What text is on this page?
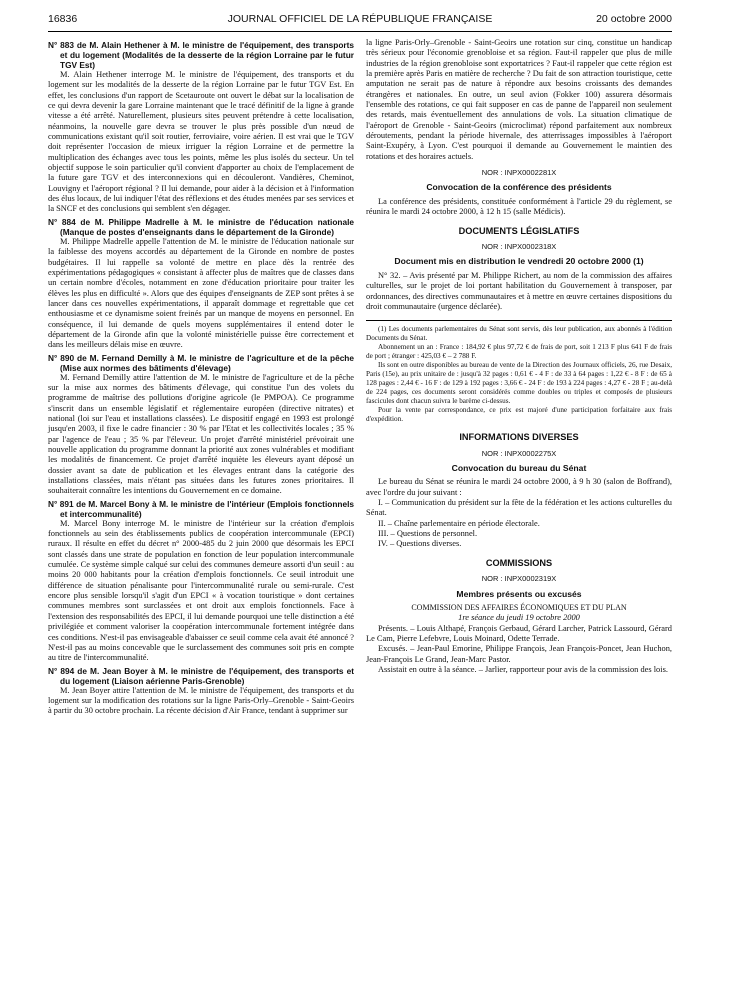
16836	JOURNAL OFFICIEL DE LA RÉPUBLIQUE FRANÇAISE	20 octobre 2000
N° 883 de M. Alain Hethener à M. le ministre de l'équipement, des transports et du logement (Modalités de la desserte de la région Lorraine par le futur TGV Est)

M. Alain Hethener interroge M. le ministre de l'équipement, des transports et du logement sur les modalités de la desserte de la région Lorraine par le futur TGV Est. En effet, les conclusions d'un rapport de Scetauroute ont ouvert le débat sur la localisation de ce qui devra devenir la gare Lorraine maintenant que le tracé définitif de la ligne à grande vitesse a été arrêté. Naturellement, plusieurs sites peuvent prétendre à cette localisation, néanmoins, la nouvelle gare devra se trouver le plus près possible d'un nœud de communications existant qu'il soit routier, ferroviaire, voire aérien. Il est vrai que le TGV doit représenter l'occasion de mieux irriguer la région Lorraine et de permettre la multiplication des échanges avec tous les points, même les plus isolés du secteur. Un tel objectif suppose le soin particulier qu'il convient d'apporter au choix de l'emplacement de la future gare TGV et des interconnexions qui en découleront. Vandières, Cheminot, Louvigny et l'aéroport régional ? Il lui demande, pour aider à la décision et à l'information des élus locaux, de lui indiquer l'état des réflexions et des études menées par ses services et la SNCF et des conclusions qui semblent s'en dégager.

N° 884 de M. Philippe Madrelle à M. le ministre de l'éducation nationale (Manque de postes d'enseignants dans le département de la Gironde)

M. Philippe Madrelle appelle l'attention de M. le ministre de l'éducation nationale sur la faiblesse des moyens accordés au département de la Gironde en nombre de postes budgétaires. Il lui rappelle sa volonté de mettre en place dès la rentrée des expérimentations pédagogiques « consistant à affecter plus de maîtres que de classes dans un certain nombre d'écoles, notamment en zone d'éducation prioritaire pour traiter les élèves les plus en difficulté ». Alors que des équipes d'enseignants de ZEP sont prêtes à se lancer dans ces nouvelles expérimentations, il apparaît dommage et regrettable que cet enthousiasme et ce dynamisme soient freinés par un manque de moyens en personnel. En conséquence, il lui demande de quels moyens supplémentaires il entend doter le département de la Gironde afin que la volonté ministérielle puisse être correctement et dans les meilleurs délais mise en œuvre.

N° 890 de M. Fernand Demilly à M. le ministre de l'agriculture et de la pêche (Mise aux normes des bâtiments d'élevage)

M. Fernand Demilly attire l'attention de M. le ministre de l'agriculture et de la pêche sur la mise aux normes des bâtiments d'élevage, qui constitue l'un des volets du programme de maîtrise des pollutions d'origine agricole (le PMPOA). Ce programme s'inscrit dans un ensemble législatif et réglementaire européen (directive nitrates) et national (loi sur l'eau et installations classées). Le dispositif engagé en 1993 est prolongé jusqu'en 2003, il fixe le cadre financier : 30 % par l'Etat et les collectivités locales ; 35 % par l'agence de l'eau ; 35 % par l'éleveur. Un projet d'arrêté ministériel prévoirait une nouvelle application du programme donnant la priorité aux zones vulnérables et modifiant les modalités de financement. Ce projet d'arrêté inquiète les éleveurs ayant déposé un dossier avant sa date de publication et les élevages entrant dans la catégorie des installations classées, mais n'étant pas situées dans les futures zones prioritaires. Il souhaiterait connaître les intentions du Gouvernement en ce domaine.

N° 891 de M. Marcel Bony à M. le ministre de l'intérieur (Emplois fonctionnels et intercommunalité)

M. Marcel Bony interroge M. le ministre de l'intérieur sur la création d'emplois fonctionnels au sein des établissements publics de coopération intercommunale (EPCI) ruraux. Il résulte en effet du décret n° 2000-485 du 2 juin 2000 que désormais les EPCI sont classés dans une strate de population en fonction de leur population intercommunale cumulée. Ce système simple calqué sur celui des communes demeure assorti d'un seuil : au moins 20 000 habitants pour la création d'emplois fonctionnels. Ce seuil introduit une différence de situation pénalisante pour l'intercommunalité rurale ou semi-rurale. C'est encore plus sensible lorsqu'il s'agit d'un EPCI « à vocation touristique » dont certaines communes membres sont surclassées et ont droit aux emplois fonctionnels. Face à l'extension des responsabilités des EPCI, il lui demande pourquoi une telle distinction a été privilégiée et comment valoriser la coopération intercommunale fortement intégrée dans ces conditions. N'est-il pas envisageable d'abaisser ce seuil comme cela avait été annoncé ? N'est-il pas au moins concevable que le surclassement des communes soit pris en compte au titre de l'intercommunalité.

N° 894 de M. Jean Boyer à M. le ministre de l'équipement, des transports et du logement (Liaison aérienne Paris-Grenoble)

M. Jean Boyer attire l'attention de M. le ministre de l'équipement, des transports et du logement sur la modification des rotations sur la ligne Paris-Orly–Grenoble - Saint-Geoirs à partir du 30 octobre prochain. La récente décision d'Air France, tendant à supprimer sur

la ligne Paris-Orly–Grenoble - Saint-Geoirs une rotation sur cinq, constitue un handicap très sérieux pour l'économie grenobloise et sa région. Faut-il rappeler que plus de mille industries de la région grenobloise sont exportatrices ? Faut-il rappeler que cette région est la première après Paris en matière de recherche ? Du fait de son attraction touristique, cette amputation ne serait pas de nature à répondre aux besoins croissants des demandes étrangères et nationales. En outre, un seul avion (Fokker 100) assurera désormais l'ensemble des rotations, ce qui fait supposer en cas de panne de l'appareil non seulement des retards, mais éventuellement des annulations de vols. La situation climatique de l'aéroport de Grenoble - Saint-Geoirs (microclimat) répond parfaitement aux nombreux déroutements, pendant la période hivernale, des atterrissages impossibles à l'aéroport Saint-Exupéry, à Lyon. C'est pourquoi il demande au Gouvernement le maintien des rotations et des horaires actuels.

NOR : INPX0002281X
Convocation de la conférence des présidents

La conférence des présidents, constituée conformément à l'article 29 du règlement, se réunira le mardi 24 octobre 2000, à 12 h 15 (salle Médicis).

DOCUMENTS LÉGISLATIFS
NOR : INPX0002318X
Document mis en distribution le vendredi 20 octobre 2000 (1)

N° 32. – Avis présenté par M. Philippe Richert, au nom de la commission des affaires culturelles, sur le projet de loi portant habilitation du Gouvernement à transposer, par ordonnances, des directives communautaires et à mettre en œuvre certaines dispositions du droit communautaire (urgence déclarée).

(1) Les documents parlementaires du Sénat sont servis, dès leur publication, aux abonnés à l'édition Documents du Sénat.

Abonnement un an : France : 184,92 € plus 97,72 € de frais de port, soit 1 213 F plus 641 F de frais de port ; étranger : 425,03 € – 2 788 F.

Ils sont en outre disponibles au bureau de vente de la Direction des Journaux officiels, 26, rue Desaix, Paris (15e), au prix unitaire de : jusqu'à 32 pages : 0,61 € - 4 F : de 33 à 64 pages : 1,22 € - 8 F : de 65 à 128 pages : 2,44 € - 16 F : de 129 à 192 pages : 3,66 € - 24 F : de 193 à 224 pages : 4,27 € - 28 F ; au-delà de 224 pages, ces documents seront considérés comme doubles ou triples et composés de plusieurs fascicules dont chacun suivra le barème ci-dessus.

Pour la vente par correspondance, ce prix est majoré d'une participation forfaitaire aux frais d'expédition.

INFORMATIONS DIVERSES
NOR : INPX0002275X
Convocation du bureau du Sénat

Le bureau du Sénat se réunira le mardi 24 octobre 2000, à 9 h 30 (salon de Boffrand), avec l'ordre du jour suivant :

I. – Communication du président sur la fête de la fédération et les actions culturelles du Sénat.

II. – Chaîne parlementaire en période électorale.

III. – Questions de personnel.

IV. – Questions diverses.

COMMISSIONS
NOR : INPX0002319X
Membres présents ou excusés

COMMISSION DES AFFAIRES ÉCONOMIQUES ET DU PLAN

1re séance du jeudi 19 octobre 2000

Présents. – Louis Althapé, François Gerbaud, Gérard Larcher, Patrick Lassourd, Gérard Le Cam, Pierre Lefebvre, Louis Moinard, Odette Terrade.

Excusés. – Jean-Paul Emorine, Philippe François, Jean François-Poncet, Jean Huchon, Jean-François Le Grand, Jean-Marc Pastor.

Assistait en outre à la séance. – Jarlier, rapporteur pour avis de la commission des lois.
